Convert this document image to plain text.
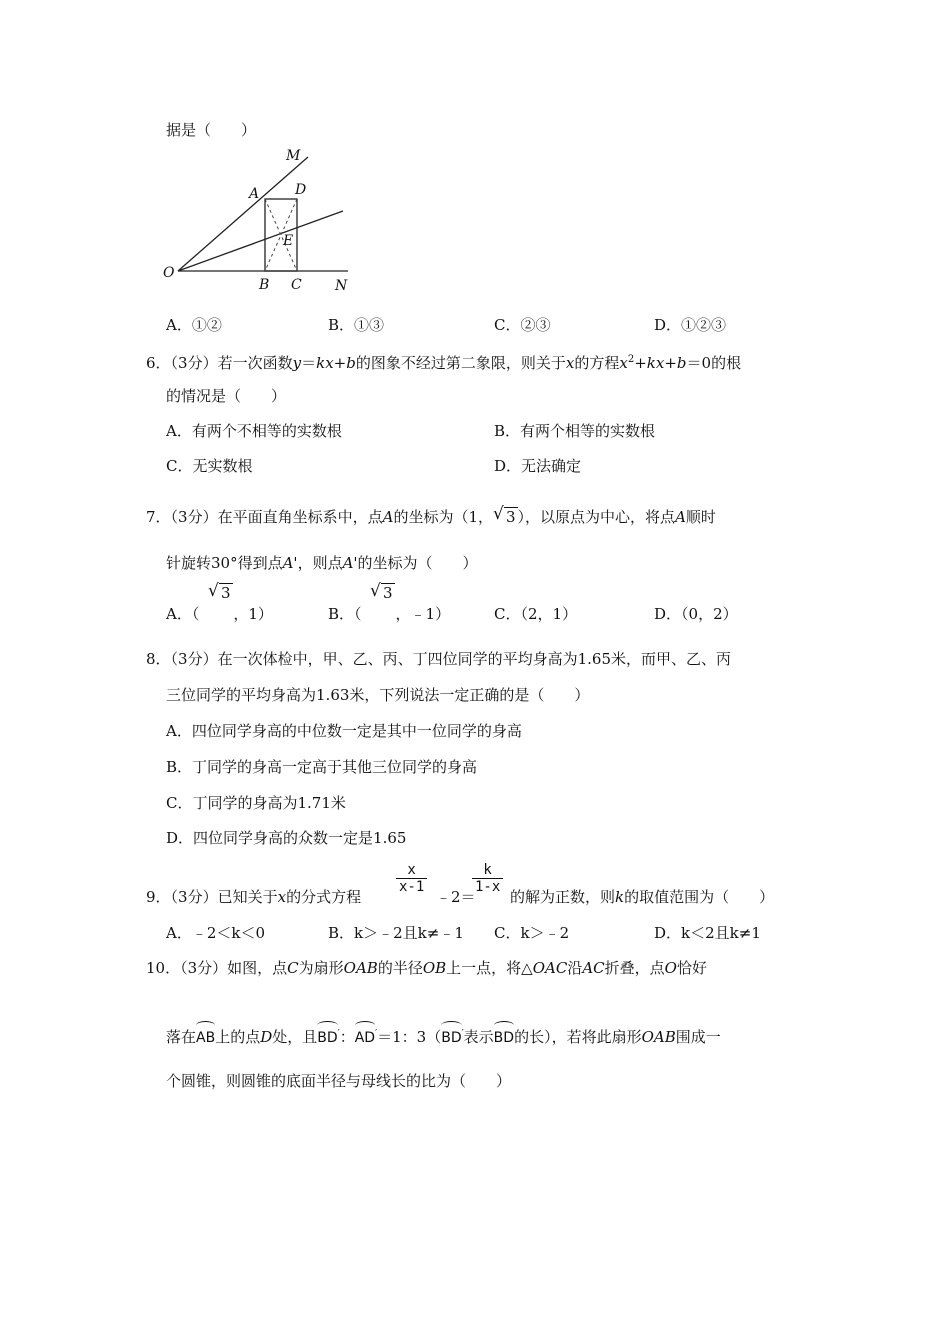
据是（　　）
M
A	D
E
O
B C N
A．①②	B．①③	C．②③	D．①②③
6．（3分）若一次函数y＝kx+b的图象不经过第二象限，则关于x的方程$x^2+kx+b=0$的根
的情况是（　　）
A．有两个不相等的实数根	B．有两个相等的实数根
C．无实数根	D．无法确定
7．（3分）在平面直角坐标系中，点A的坐标为（1，√ 3 ），以原点为中心，将点A顺时
针旋转30°得到点A'，则点A'的坐标为（　　）
A．（ ，1）
√ 3
B．（ ，﹣1）
√ 3
C．（2，1）	D．（0，2）
8．（3分）在一次体检中，甲、乙、丙、丁四位同学的平均身高为1.65米，而甲、乙、丙
三位同学的平均身高为1.63米，下列说法一定正确的是（　　）
A．四位同学身高的中位数一定是其中一位同学的身高
B．丁同学的身高一定高于其他三位同学的身高
C．丁同学的身高为1.71米
D．四位同学身高的众数一定是1.65
9．（3分）已知关于x的分式方程
$\frac{x}{x-1}$
﹣2＝
$\frac{k}{1-x}$
的解为正数，则k的取值范围为（　　）
A．﹣2＜k＜0	B．k＞﹣2且k≠﹣1 C．k＞﹣2	D．k＜2且k≠1
10．（3分）如图，点C为扇形OAB的半径OB上一点，将△OAC沿AC折叠，点O恰好
落在AB上的点D处，且BD′：AD′＝1：3（BD′表示BD的长），若将此扇形OAB围成一
个圆锥，则圆锥的底面半径与母线长的比为（　　）
